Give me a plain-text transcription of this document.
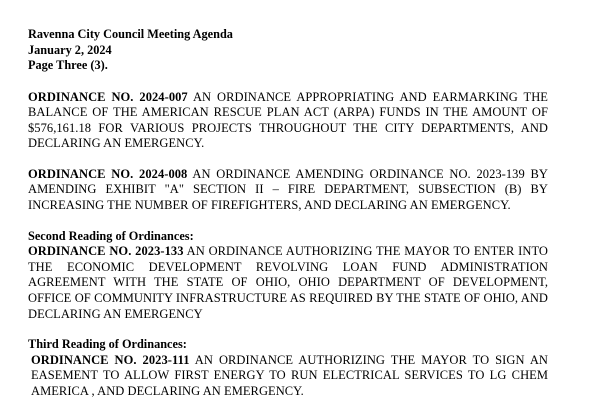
Ravenna City Council Meeting Agenda

January 2, 2024

Page Three (3).

ORDINANCE NO. 2024-007 AN ORDINANCE APPROPRIATING AND EARMARKING THE BALANCE OF THE AMERICAN RESCUE PLAN ACT (ARPA) FUNDS IN THE AMOUNT OF $576,161.18 FOR VARIOUS PROJECTS THROUGHOUT THE CITY DEPARTMENTS, AND DECLARING AN EMERGENCY.

ORDINANCE NO. 2024-008 AN ORDINANCE AMENDING ORDINANCE NO. 2023-139 BY AMENDING EXHIBIT "A" SECTION II – FIRE DEPARTMENT, SUBSECTION (B) BY INCREASING THE NUMBER OF FIREFIGHTERS, AND DECLARING AN EMERGENCY.

Second Reading of Ordinances:

ORDINANCE NO. 2023-133 AN ORDINANCE AUTHORIZING THE MAYOR TO ENTER INTO THE ECONOMIC DEVELOPMENT REVOLVING LOAN FUND ADMINISTRATION AGREEMENT WITH THE STATE OF OHIO, OHIO DEPARTMENT OF DEVELOPMENT, OFFICE OF COMMUNITY INFRASTRUCTURE AS REQUIRED BY THE STATE OF OHIO, AND DECLARING AN EMERGENCY

Third Reading of Ordinances:

ORDINANCE NO. 2023-111 AN ORDINANCE AUTHORIZING THE MAYOR TO SIGN AN EASEMENT TO ALLOW FIRST ENERGY TO RUN ELECTRICAL SERVICES TO LG CHEM AMERICA , AND DECLARING AN EMERGENCY.
